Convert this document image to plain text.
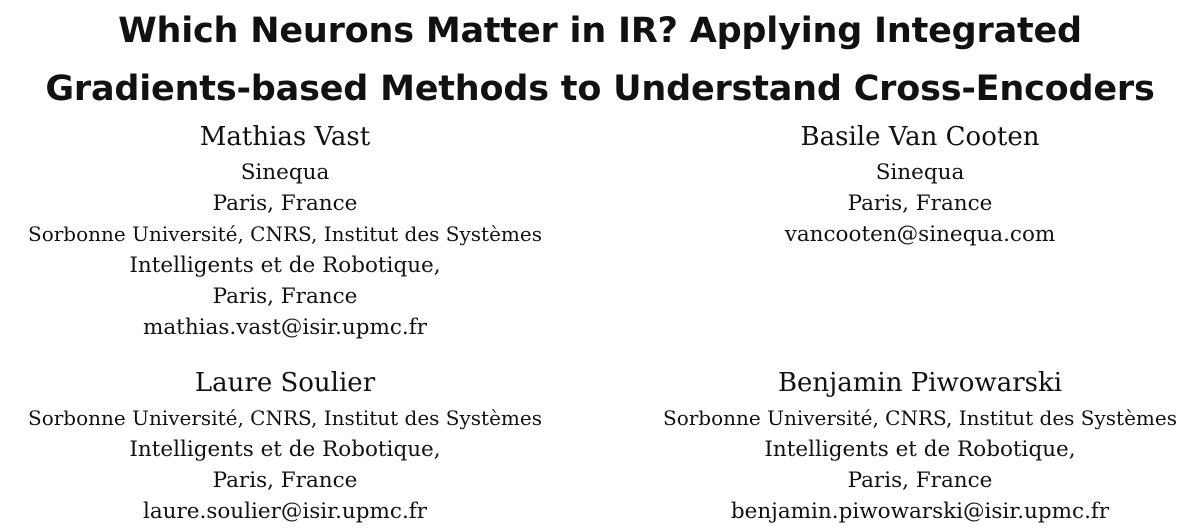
Which Neurons Matter in IR? Applying Integrated
Gradients-based Methods to Understand Cross-Encoders
Mathias Vast
Sinequa
Paris, France
Sorbonne Université, CNRS, Institut des Systèmes
Intelligents et de Robotique,
Paris, France
mathias.vast@isir.upmc.fr
Basile Van Cooten
Sinequa
Paris, France
vancooten@sinequa.com
Laure Soulier
Sorbonne Université, CNRS, Institut des Systèmes
Intelligents et de Robotique,
Paris, France
laure.soulier@isir.upmc.fr
Benjamin Piwowarski
Sorbonne Université, CNRS, Institut des Systèmes
Intelligents et de Robotique,
Paris, France
benjamin.piwowarski@isir.upmc.fr
